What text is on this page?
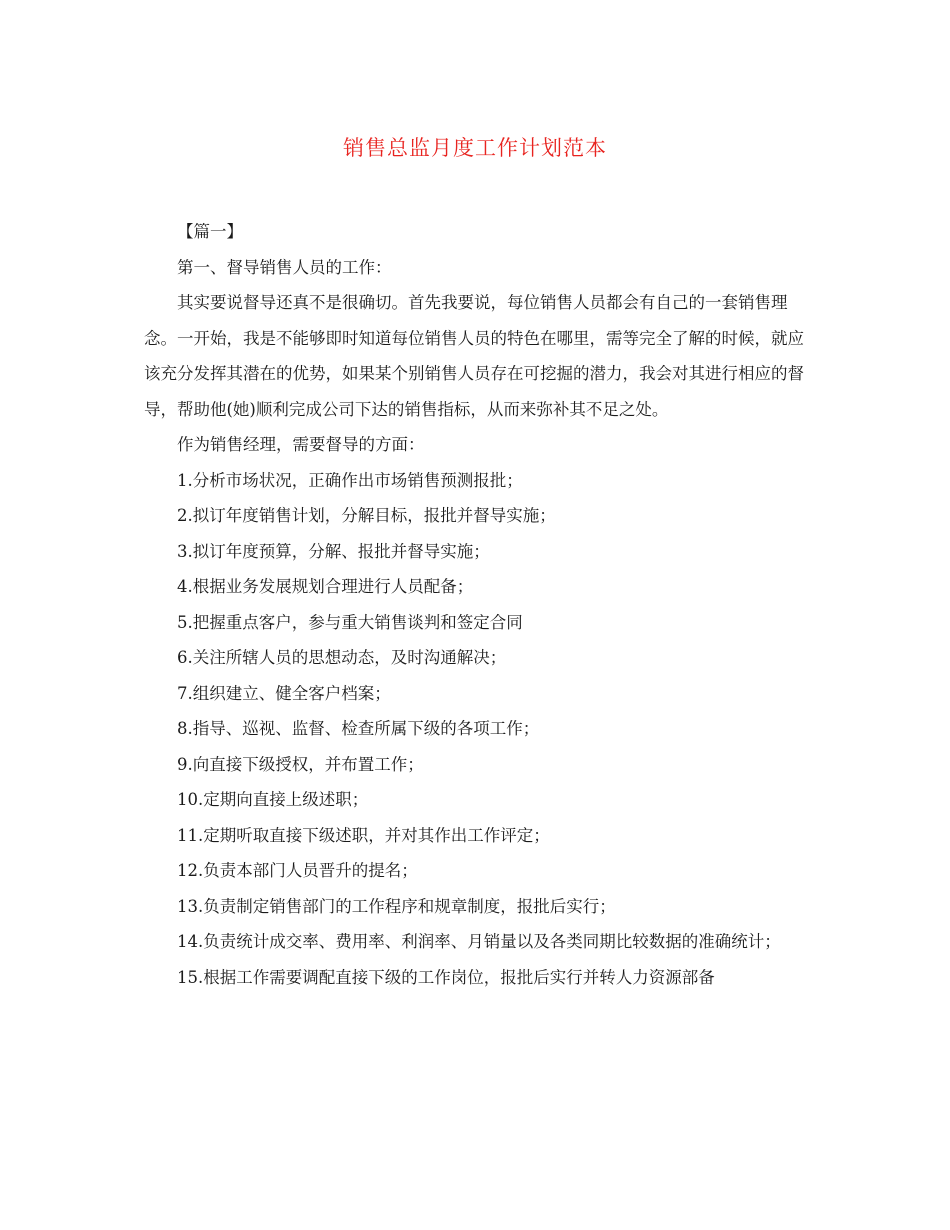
销售总监月度工作计划范本

【篇一】

第一、督导销售人员的工作：

其实要说督导还真不是很确切。首先我要说，每位销售人员都会有自己的一套销售理念。一开始，我是不能够即时知道每位销售人员的特色在哪里，需等完全了解的时候，就应该充分发挥其潜在的优势，如果某个别销售人员存在可挖掘的潜力，我会对其进行相应的督导，帮助他(她)顺利完成公司下达的销售指标，从而来弥补其不足之处。

作为销售经理，需要督导的方面：

1.分析市场状况，正确作出市场销售预测报批；

2.拟订年度销售计划，分解目标，报批并督导实施；

3.拟订年度预算，分解、报批并督导实施；

4.根据业务发展规划合理进行人员配备；

5.把握重点客户，参与重大销售谈判和签定合同

6.关注所辖人员的思想动态，及时沟通解决；

7.组织建立、健全客户档案；

8.指导、巡视、监督、检查所属下级的各项工作；

9.向直接下级授权，并布置工作；

10.定期向直接上级述职；

11.定期听取直接下级述职，并对其作出工作评定；

12.负责本部门人员晋升的提名；

13.负责制定销售部门的工作程序和规章制度，报批后实行；

14.负责统计成交率、费用率、利润率、月销量以及各类同期比较数据的准确统计；

15.根据工作需要调配直接下级的工作岗位，报批后实行并转人力资源部备
